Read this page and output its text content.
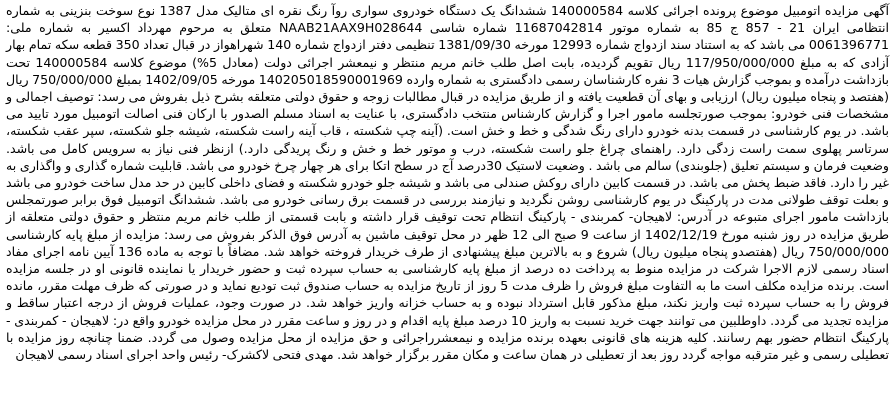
آگهی مزایده اتومبیل موضوع پرونده اجرائی کلاسه 140000584 ششدانگ یک دستگاه خودروی سواری روآ رنگ نقره ای متالیک مدل 1387 نوع سوخت بنزینی به شماره انتظامی ایران 21 - 857 ج 85 به شماره موتور 11687042814 شماره شاسی NAAB21AAX9H028644 متعلق به مرحوم مهرداد اکسیر به شماره ملی: 0061396771 می باشد که به استناد سند ازدواج شماره 12993 مورخه 1381/09/30 تنظیمی دفتر ازدواج شماره 140 شهراهواز در قبال تعداد 350 قطعه سکه تمام بهار آزادی که به مبلغ 117/950/000/000 ریال تقویم گردیده، بابت اصل طلب خانم مریم منتظر و نیمعشر اجرائی دولت (معادل 5%) موضوع کلاسه 140000584 تحت بازداشت درآمده و بموجب گزارش هیات 3 نفره کارشناسان رسمی دادگستری به شماره وارده 140205018590001969 مورخه 1402/09/05 بمبلغ 750/000/000 ریال (هفتصد و پنجاه میلیون ریال) ارزیابی و بهای آن قطعیت یافته و از طریق مزایده در قبال مطالبات زوجه و حقوق دولتی متعلقه بشرح ذیل بفروش می رسد: توصیف اجمالی و مشخصات فنی خودرو: بموجب صورتجلسه مامور اجرا و گزارش کارشناس منتخب دادگستری، با عنایت به اسناد مسلم الصدور با ارکان فنی اصالت اتومبیل مورد تایید می باشد. در یوم کارشناسی در قسمت بدنه خودرو دارای رنگ شدگی و خط و خش است. (آینه چپ شکسته ، قاب آینه راست شکسته، شیشه جلو شکسته، سپر عقب شکسته، سرتاسر پهلوی سمت راست زدگی دارد. راهنمای چراغ جلو راست شکسته، درب و موتور خط و خش و رنگ پریدگی دارد.) ازنظر فنی نیاز به سرویس کامل می باشد. وضعیت فرمان و سیستم تعلیق (جلوبندی) سالم می باشد . وضعیت لاستیک 30درصد آج در سطح اتکا برای هر چهار چرخ خودرو می باشد. قابلیت شماره گذاری و واگذاری به غیر را دارد. فاقد ضبط پخش می باشد. در قسمت کابین دارای روکش صندلی می باشد و شیشه جلو خودرو شکسته و فضای داخلی کابین در حد مدل ساخت خودرو می باشد و بعلت توقف طولانی مدت در پارکینگ در یوم کارشناسی روشن نگردید و نیازمند بررسی در قسمت برق رسانی خودرو می باشد. ششدانگ اتومبیل فوق برابر صورتمجلس بازداشت مامور اجرای متبوعه در آدرس: لاهیجان- کمربندی - پارکینگ انتظام تحت توقیف قرار داشته و بابت قسمتی از طلب خانم مریم منتظر و حقوق دولتی متعلقه از طریق مزایده در روز شنبه مورخ 1402/12/19 از ساعت 9 صبح الی 12 ظهر در محل توقیف ماشین به آدرس فوق الذکر بفروش می رسد: مزایده از مبلغ پایه کارشناسی 750/000/000 ریال (هفتصدو پنجاه میلیون ریال) شروع و به بالاترین مبلغ پیشنهادی از طرف خریدار فروخته خواهد شد. مضافاً با توجه به ماده 136 آیین نامه اجرای مفاد اسناد رسمی لازم الاجرا شرکت در مزایده منوط به پرداخت ده درصد از مبلغ پایه کارشناسی به حساب سپرده ثبت و حضور خریدار یا نماینده قانونی او در جلسه مزایده است. برنده مزایده مکلف است ما به التفاوت مبلغ فروش را ظرف مدت 5 روز از تاریخ مزایده به حساب صندوق ثبت تودیع نماید و در صورتی که ظرف مهلت مقرر، مانده فروش را به حساب سپرده ثبت واریز نکند، مبلغ مذکور قابل استرداد نبوده و به حساب خزانه واریز خواهد شد. در صورت وجود، عملیات فروش از درجه اعتبار ساقط و مزایده تجدید می گردد. داوطلبین می توانند جهت خرید نسبت به واریز 10 درصد مبلغ پایه اقدام و در روز و ساعت مقرر در محل مزایده خودرو واقع در: لاهیجان - کمربندی - پارکینگ انتظام حضور بهم رسانند. کلیه هزینه های قانونی بعهده برنده مزایده و نیمعشرراجرائی و حق مزایده از محل مزایده وصول می گردد. ضمنا چنانچه روز مزایده با تعطیلی رسمی و غیر مترقبه مواجه گردد روز بعد از تعطیلی در همان ساعت و مکان مقرر برگزار خواهد شد. مهدی فتحی لاکشرک- رئیس واحد اجرای اسناد رسمی لاهیجان
